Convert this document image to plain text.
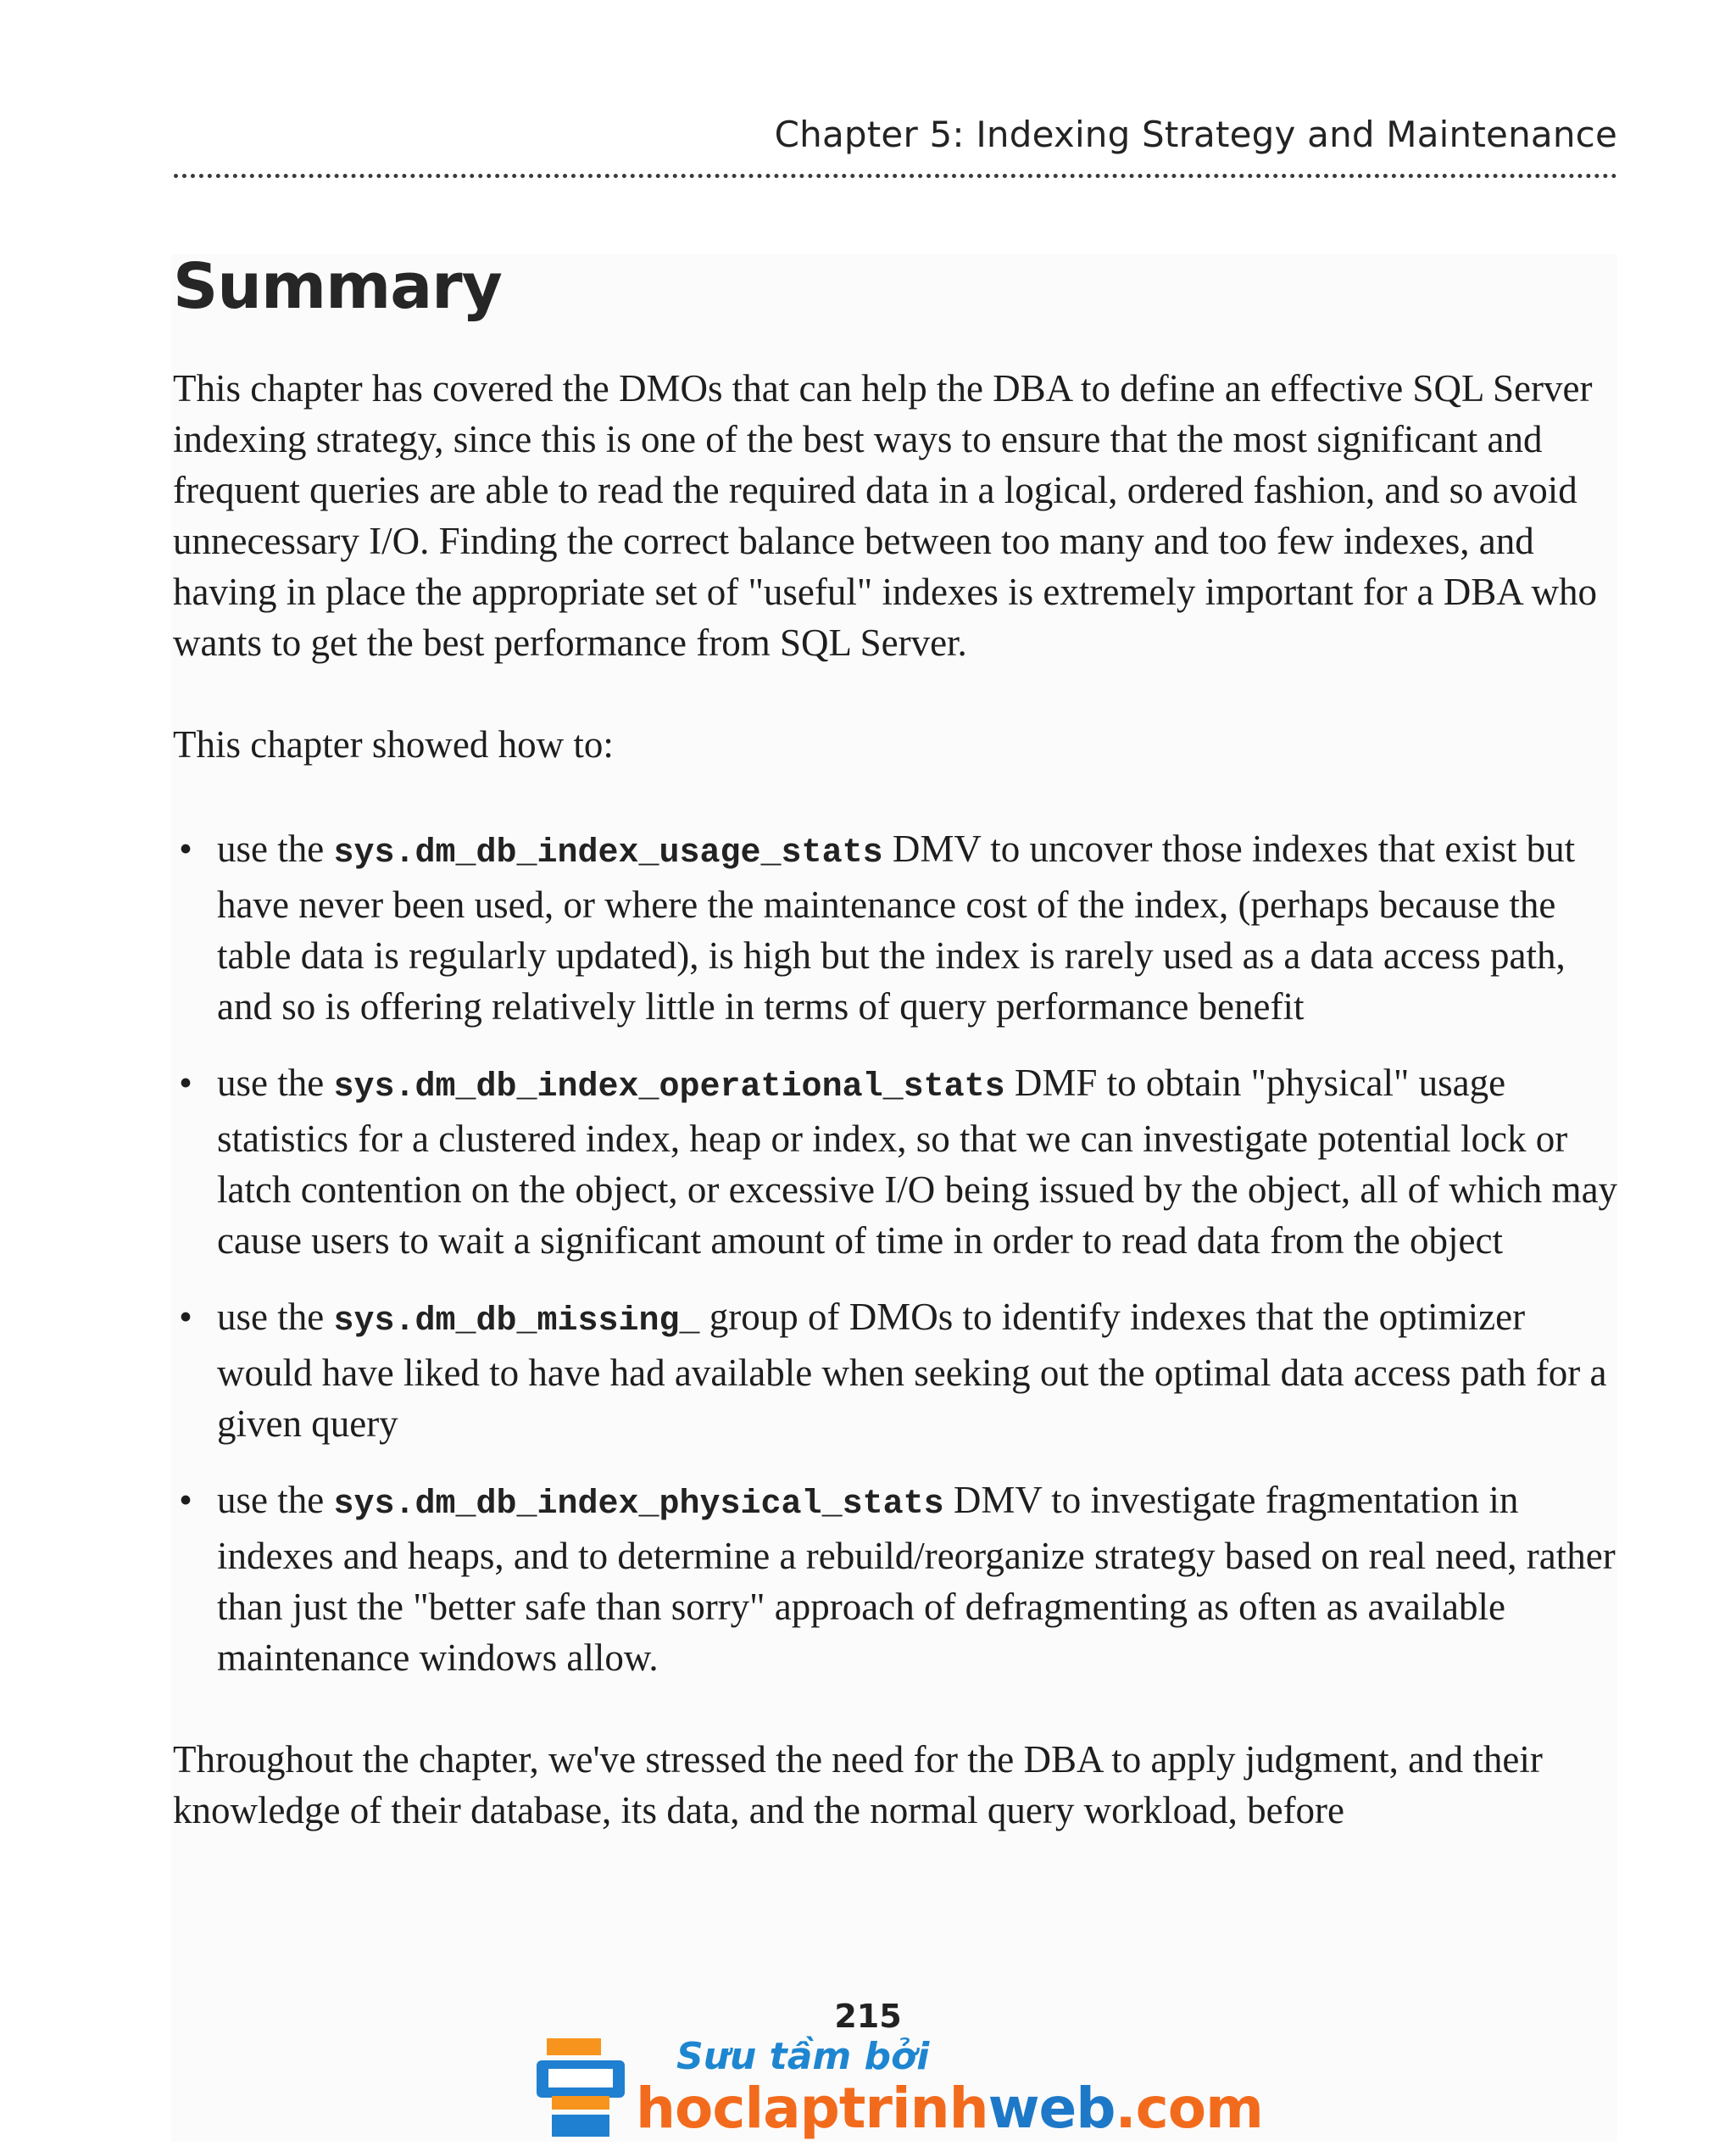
Chapter 5: Indexing Strategy and Maintenance
Summary

This chapter has covered the DMOs that can help the DBA to define an effective SQL Server indexing strategy, since this is one of the best ways to ensure that the most significant and frequent queries are able to read the required data in a logical, ordered fashion, and so avoid unnecessary I/O. Finding the correct balance between too many and too few indexes, and having in place the appropriate set of "useful" indexes is extremely important for a DBA who wants to get the best performance from SQL Server.

This chapter showed how to:

• use the sys.dm_db_index_usage_stats DMV to uncover those indexes that exist but have never been used, or where the maintenance cost of the index, (perhaps because the table data is regularly updated), is high but the index is rarely used as a data access path, and so is offering relatively little in terms of query performance benefit
• use the sys.dm_db_index_operational_stats DMF to obtain "physical" usage statistics for a clustered index, heap or index, so that we can investigate potential lock or latch contention on the object, or excessive I/O being issued by the object, all of which may cause users to wait a significant amount of time in order to read data from the object
• use the sys.dm_db_missing_ group of DMOs to identify indexes that the optimizer would have liked to have had available when seeking out the optimal data access path for a given query
• use the sys.dm_db_index_physical_stats DMV to investigate fragmentation in indexes and heaps, and to determine a rebuild/reorganize strategy based on real need, rather than just the "better safe than sorry" approach of defragmenting as often as available maintenance windows allow.

Throughout the chapter, we've stressed the need for the DBA to apply judgment, and their knowledge of their database, its data, and the normal query workload, before

215
Sưu tầm bởi
hoclaptrinhweb.com
